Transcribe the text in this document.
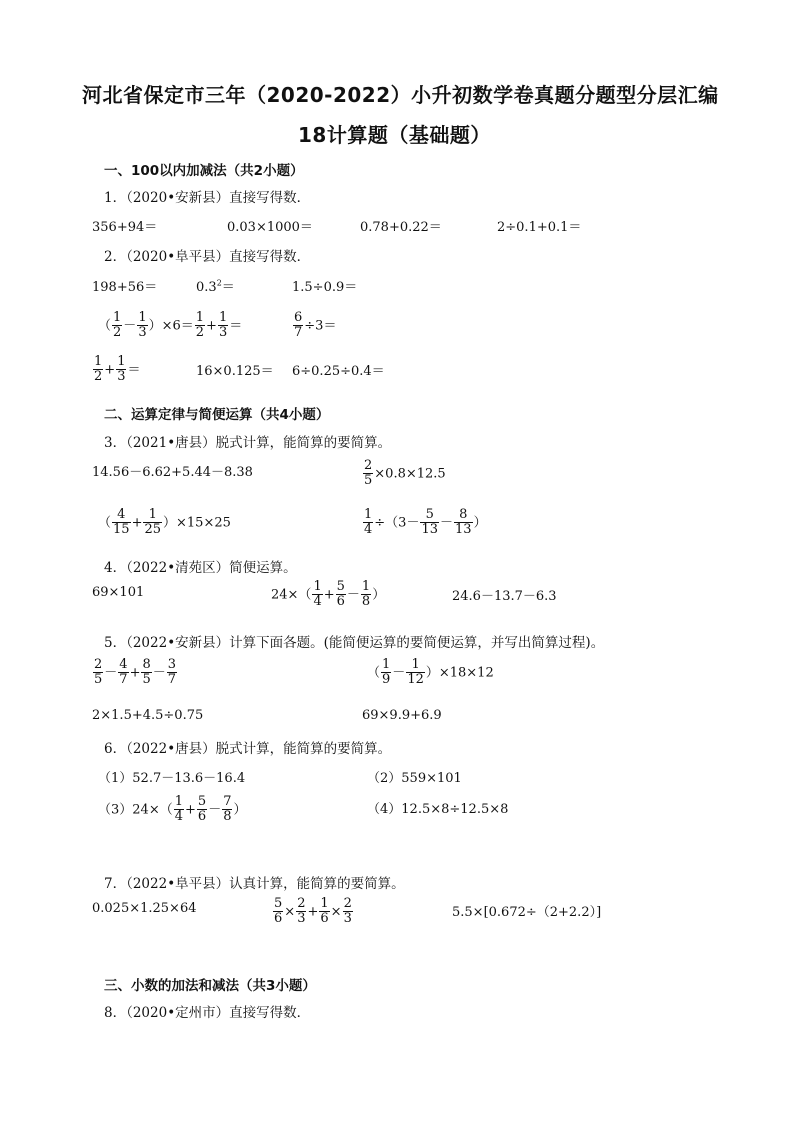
河北省保定市三年（2020-2022）小升初数学卷真题分题型分层汇编
18计算题（基础题）
一、100以内加减法（共2小题）
1．（2020•安新县）直接写得数．
356+94＝	0.03×1000＝	0.78+0.22＝	2÷0.1+0.1＝
2．（2020•阜平县）直接写得数．
198+56＝	$0.3^2=$	1.5÷0.9＝
（ $\frac{1}{2} - \frac{1}{3} )\times 6= \frac{1}{2} + \frac{1}{3}$ ＝	$\frac{6}{7} \div 3=$
$\frac{1}{2} + \frac{1}{3}$ ＝	16×0.125＝ 6÷0.25÷0.4＝
二、运算定律与简便运算（共4小题）
3．（2021•唐县）脱式计算，能简算的要简算。
14.56－6.62+5.44－8.38	$\frac{2}{5} \times 0.8\times 12.5$
（ $\frac{4}{15} + \frac{1}{25} )\times 15\times 25$	$\frac{1}{4} \div(3- \frac{5}{13} - \frac{8}{13}$ ）
4．（2022•清苑区）简便运算。
69×101	$24\times( \frac{1}{4} + \frac{5}{6} - \frac{1}{8}$ ）	24.6－13.7－6.3
5．（2022•安新县）计算下面各题。(能简便运算的要简便运算，并写出简算过程)。
$\frac{2}{5} - \frac{4}{7} + \frac{8}{5} - \frac{3}{7}$	（ $\frac{1}{9} - \frac{1}{12} )\times 18\times 12$
2×1.5+4.5÷0.75	69×9.9+6.9
6．（2022•唐县）脱式计算，能简算的要简算。
（1）52.7－13.6－16.4	（2）559×101
$(3)24\times( \frac{1}{4} + \frac{5}{6} - \frac{7}{8}$ ）	（4）12.5×8÷12.5×8
7．（2022•阜平县）认真计算，能简算的要简算。
0.025×1.25×64	$\frac{5}{6} \times \frac{2}{3} + \frac{1}{6} \times \frac{2}{3}$	5.5×[0.672÷（2+2.2）]
三、小数的加法和减法（共3小题）
8．（2020•定州市）直接写得数．
